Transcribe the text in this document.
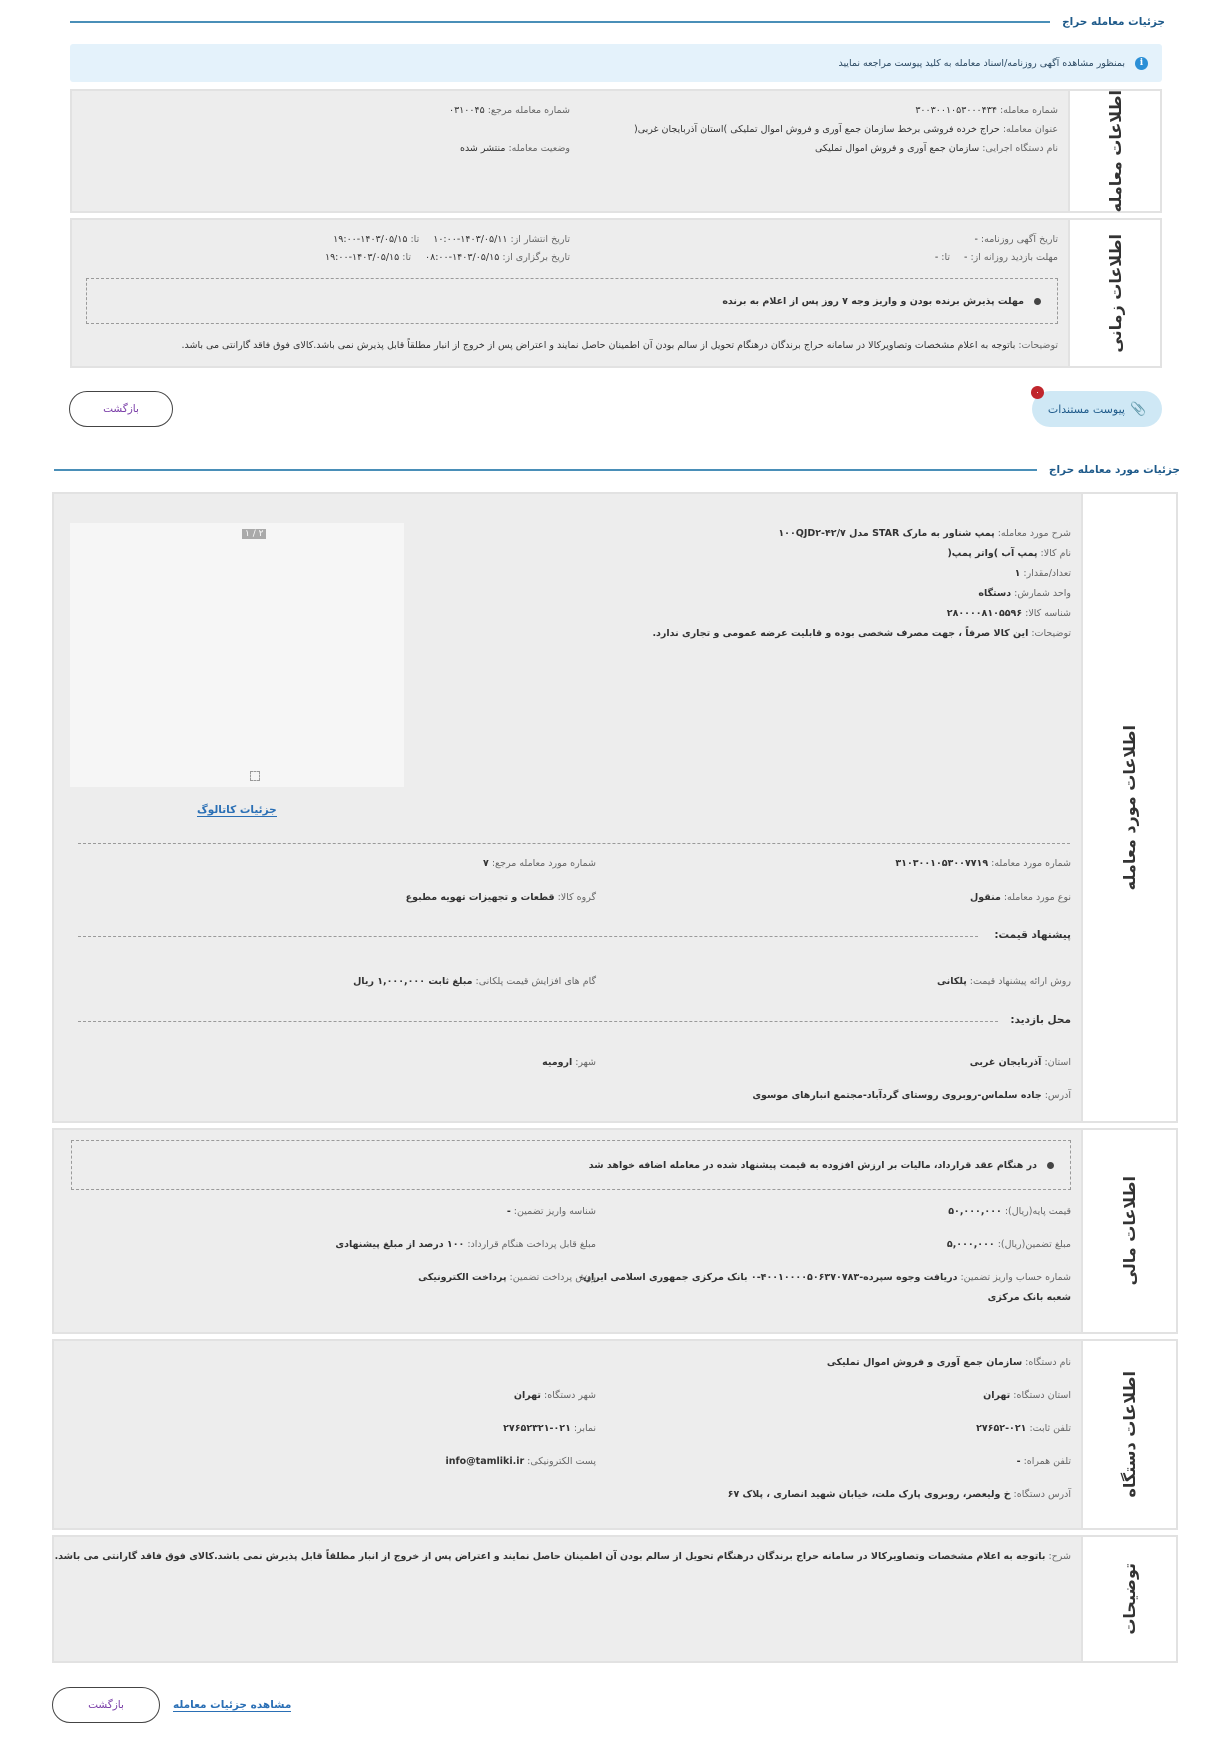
جزئیات معامله حراج
i
بمنظور مشاهده آگهی روزنامه/اسناد معامله به کلید پیوست مراجعه نمایید
اطلاعات معامله
شماره معامله:۳۰۰۳۰۰۱۰۵۳۰۰۰۴۳۴
عنوان معامله:حراج خرده فروشی برخط سازمان جمع آوری و فروش اموال تملیکی )استان آذربایجان غربی(
نام دستگاه اجرایی:سازمان جمع آوری و فروش اموال تملیکی
شماره معامله مرجع:۰۳۱۰۰۴۵
وضعیت معامله:منتشر شده
اطلاعات زمانی
تاریخ آگهی روزنامه:-
مهلت بازدید روزانه از:-تا:-
تاریخ انتشار از:۱۴۰۳/۰۵/۱۱-۱۰:۰۰تا:۱۴۰۳/۰۵/۱۵-۱۹:۰۰
تاریخ برگزاری از:۱۴۰۳/۰۵/۱۵-۰۸:۰۰تا:۱۴۰۳/۰۵/۱۵-۱۹:۰۰
مهلت پذیرش برنده بودن و واریز وجه ۷ روز پس از اعلام به برنده
توضیحات:باتوجه به اعلام مشخصات وتصاویرکالا در سامانه حراج برندگان درهنگام تحویل از سالم بودن آن اطمینان حاصل نمایند و اعتراض پس از خروج از انبار مطلقاً قابل پذیرش نمی باشد.کالای فوق فاقد گارانتی می باشد.
📎
پیوست مستندات
۰
بازگشت
جزئیات مورد معامله حراج
اطلاعات مورد معامله
شرح مورد معامله:پمپ شناور به مارک STAR مدل ۱۰۰QJD۲-۴۲/۷
نام کالا:پمپ آب )واتر پمپ(
تعداد/مقدار:۱
واحد شمارش:دستگاه
شناسه کالا:۲۸۰۰۰۰۸۱۰۵۵۹۶
توضیحات:این کالا صرفاً ، جهت مصرف شخصی بوده و قابلیت عرضه عمومی و تجاری ندارد.
۲ / ۱
جزئیات کاتالوگ
شماره مورد معامله:۳۱۰۳۰۰۱۰۵۳۰۰۷۷۱۹
شماره مورد معامله مرجع:۷
نوع مورد معامله:منقول
گروه کالا:قطعات و تجهیزات تهویه مطبوع
پیشنهاد قیمت:
روش ارائه پیشنهاد قیمت:پلکانی
گام های افزایش قیمت پلکانی:مبلغ ثابت ۱,۰۰۰,۰۰۰ ریال
محل بازدید:
استان:آذربایجان غربی
شهر:ارومیه
آدرس:جاده سلماس-روبروی روستای گردآباد-مجتمع انبارهای موسوی
اطلاعات مالی
در هنگام عقد قرارداد، مالیات بر ارزش افزوده به قیمت پیشنهاد شده در معامله اضافه خواهد شد
قیمت پایه(ریال):۵۰,۰۰۰,۰۰۰
شناسه واریز تضمین:-
مبلغ تضمین(ریال):۵,۰۰۰,۰۰۰
مبلغ قابل پرداخت هنگام قرارداد:۱۰۰ درصد از مبلغ پیشنهادی
شماره حساب واریز تضمین:دریافت وجوه سپرده-۴۰۰۱۰۰۰۰۵۰۶۳۷۰۷۸۳-۰ بانک مرکزی جمهوری اسلامی ایران-
شعبه بانک مرکزی
روش پرداخت تضمین:پرداخت الکترونیکی
اطلاعات دستگاه
نام دستگاه:سازمان جمع آوری و فروش اموال تملیکی
استان دستگاه:تهران
شهر دستگاه:تهران
تلفن ثابت:۰۲۱-۲۷۶۵۲
نمابر:۰۲۱-۲۷۶۵۲۳۲۱
تلفن همراه:-
پست الکترونیکی:info@tamliki.ir
آدرس دستگاه:خ ولیعصر، روبروی پارک ملت، خیابان شهید انصاری ، پلاک ۶۷
توضیحات
شرح:باتوجه به اعلام مشخصات وتصاویرکالا در سامانه حراج برندگان درهنگام تحویل از سالم بودن آن اطمینان حاصل نمایند و اعتراض پس از خروج از انبار مطلقاً قابل پذیرش نمی باشد.کالای فوق فاقد گارانتی می باشد.
مشاهده جزئیات معامله
بازگشت
